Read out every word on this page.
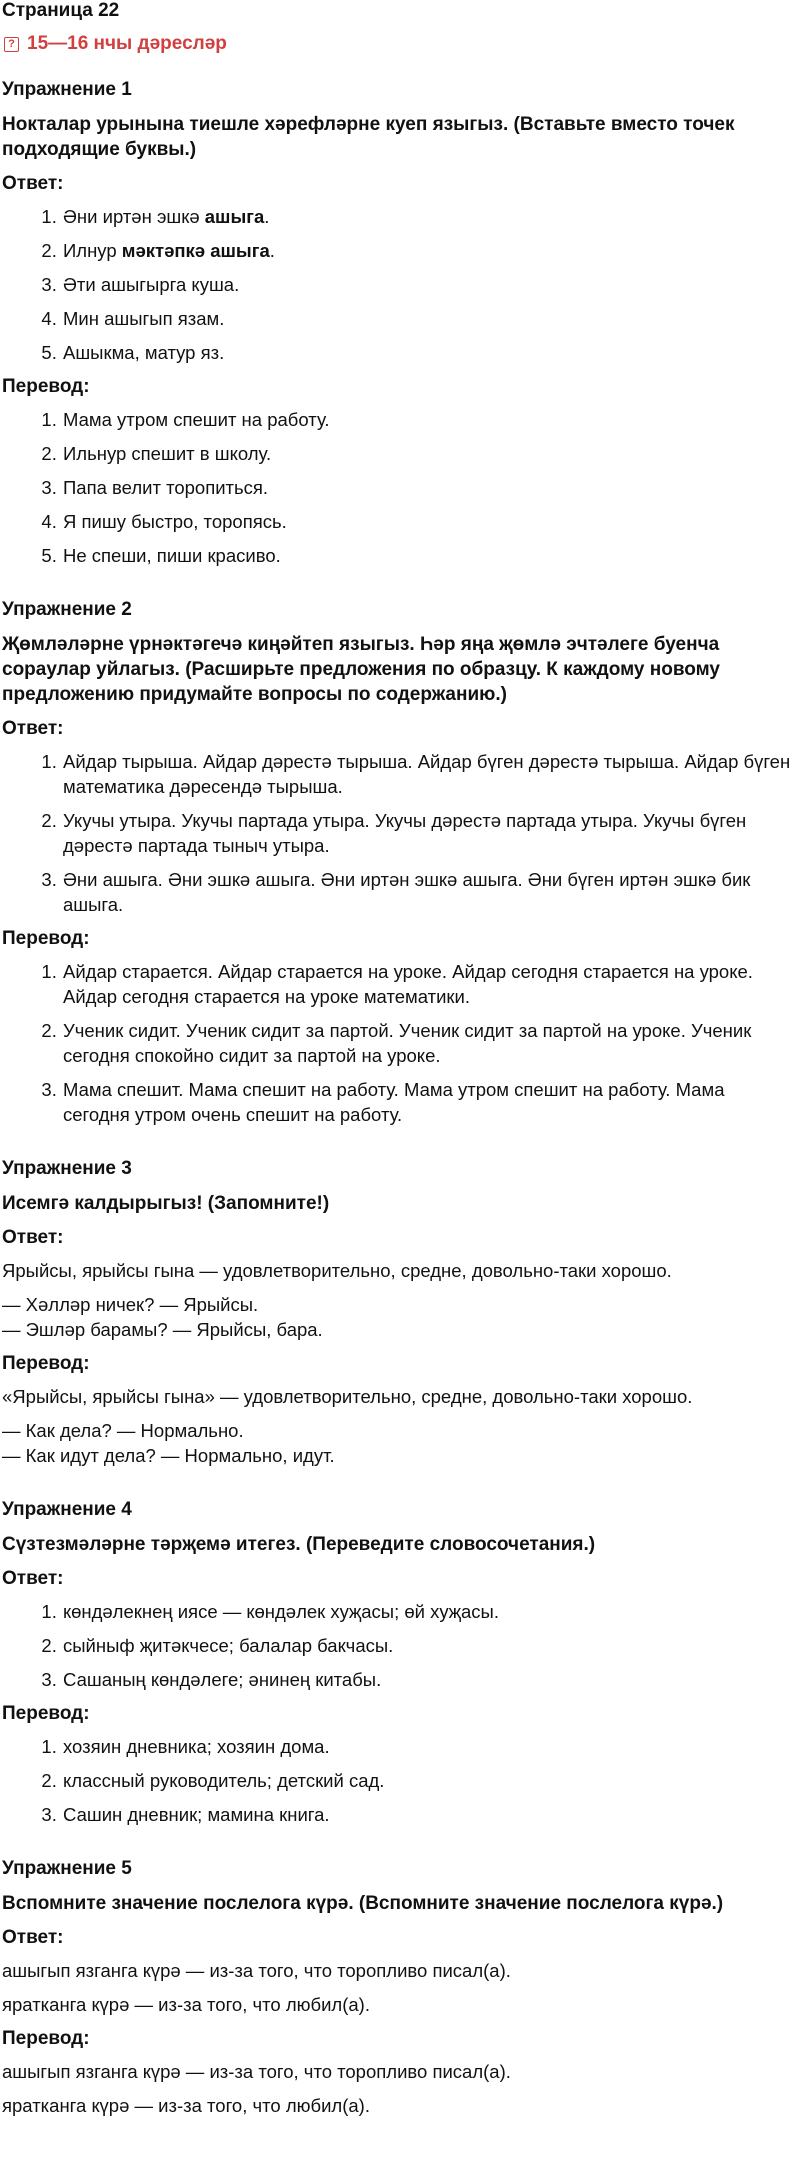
Страница 22
? 15—16 нчы дәресләр
Упражнение 1
Нокталар урынына тиешле хәрефләрне куеп языгыз. (Вставьте вместо точек подходящие буквы.)
Ответ:
1. Әни иртән эшкә ашыга.
2. Илнур мәктәпкә ашыга.
3. Әти ашыгырга куша.
4. Мин ашыгып язам.
5. Ашыкма, матур яз.
Перевод:
1. Мама утром спешит на работу.
2. Ильнур спешит в школу.
3. Папа велит торопиться.
4. Я пишу быстро, торопясь.
5. Не спеши, пиши красиво.
Упражнение 2
Җөмләләрне үрнәктәгечә киңәйтеп языгыз. Һәр яңа җөмлә эчтәлеге буенча сораулар уйлагыз. (Расширьте предложения по образцу. К каждому новому предложению придумайте вопросы по содержанию.)
Ответ:
1. Айдар тырыша. Айдар дәрестә тырыша. Айдар бүген дәрестә тырыша. Айдар бүген математика дәресендә тырыша.
2. Укучы утыра. Укучы партада утыра. Укучы дәрестә партада утыра. Укучы бүген дәрестә партада тыныч утыра.
3. Әни ашыга. Әни эшкә ашыга. Әни иртән эшкә ашыга. Әни бүген иртән эшкә бик ашыга.
Перевод:
1. Айдар старается. Айдар старается на уроке. Айдар сегодня старается на уроке. Айдар сегодня старается на уроке математики.
2. Ученик сидит. Ученик сидит за партой. Ученик сидит за партой на уроке. Ученик сегодня спокойно сидит за партой на уроке.
3. Мама спешит. Мама спешит на работу. Мама утром спешит на работу. Мама сегодня утром очень спешит на работу.
Упражнение 3
Исемгә калдырыгыз! (Запомните!)
Ответ:
Ярыйсы, ярыйсы гына — удовлетворительно, средне, довольно-таки хорошо.
— Хәлләр ничек? — Ярыйсы.
— Эшләр барамы? — Ярыйсы, бара.
Перевод:
«Ярыйсы, ярыйсы гына» — удовлетворительно, средне, довольно-таки хорошо.
— Как дела? — Нормально.
— Как идут дела? — Нормально, идут.
Упражнение 4
Сүзтезмәләрне тәрҗемә итегез. (Переведите словосочетания.)
Ответ:
1. көндәлекнең иясе — көндәлек хуҗасы; өй хуҗасы.
2. сыйныф җитәкчесе; балалар бакчасы.
3. Сашаның көндәлеге; әнинең китабы.
Перевод:
1. хозяин дневника; хозяин дома.
2. классный руководитель; детский сад.
3. Сашин дневник; мамина книга.
Упражнение 5
Вспомните значение послелога күрә. (Вспомните значение послелога күрә.)
Ответ:
ашыгып язганга күрә — из-за того, что торопливо писал(а).
яратканга күрә — из-за того, что любил(а).
Перевод:
ашыгып язганга күрә — из-за того, что торопливо писал(а).
яратканга күрә — из-за того, что любил(а).
